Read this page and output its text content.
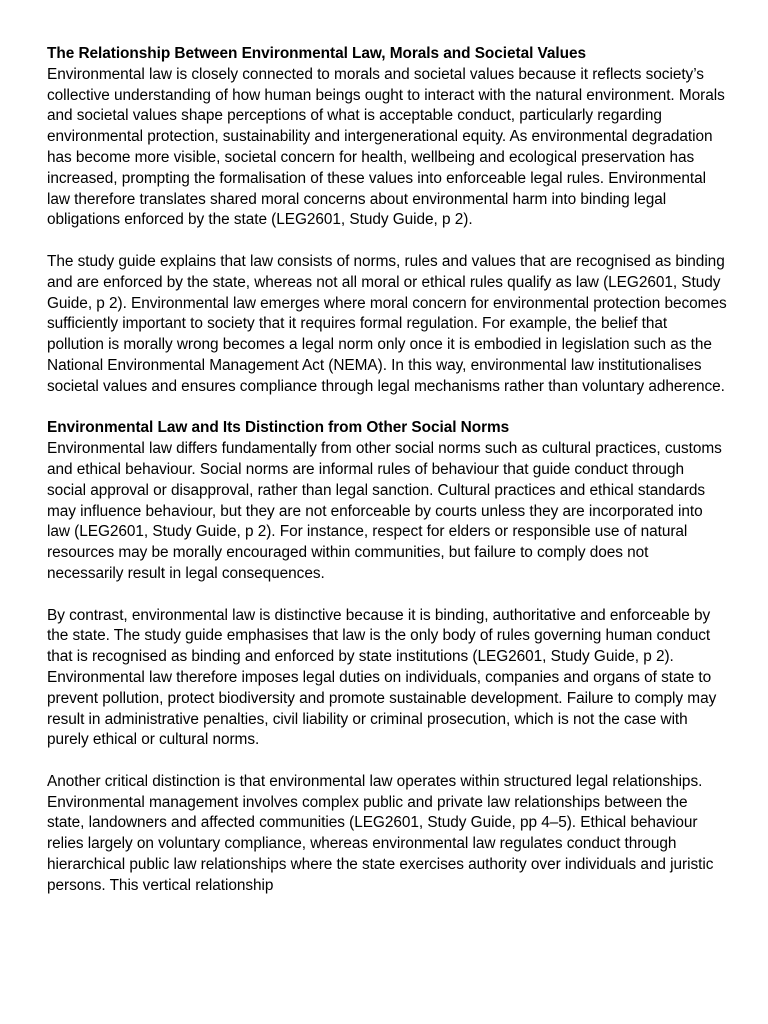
The Relationship Between Environmental Law, Morals and Societal Values

Environmental law is closely connected to morals and societal values because it reflects society’s collective understanding of how human beings ought to interact with the natural environment. Morals and societal values shape perceptions of what is acceptable conduct, particularly regarding environmental protection, sustainability and intergenerational equity. As environmental degradation has become more visible, societal concern for health, wellbeing and ecological preservation has increased, prompting the formalisation of these values into enforceable legal rules. Environmental law therefore translates shared moral concerns about environmental harm into binding legal obligations enforced by the state (LEG2601, Study Guide, p 2).

The study guide explains that law consists of norms, rules and values that are recognised as binding and are enforced by the state, whereas not all moral or ethical rules qualify as law (LEG2601, Study Guide, p 2). Environmental law emerges where moral concern for environmental protection becomes sufficiently important to society that it requires formal regulation. For example, the belief that pollution is morally wrong becomes a legal norm only once it is embodied in legislation such as the National Environmental Management Act (NEMA). In this way, environmental law institutionalises societal values and ensures compliance through legal mechanisms rather than voluntary adherence.

Environmental Law and Its Distinction from Other Social Norms

Environmental law differs fundamentally from other social norms such as cultural practices, customs and ethical behaviour. Social norms are informal rules of behaviour that guide conduct through social approval or disapproval, rather than legal sanction. Cultural practices and ethical standards may influence behaviour, but they are not enforceable by courts unless they are incorporated into law (LEG2601, Study Guide, p 2). For instance, respect for elders or responsible use of natural resources may be morally encouraged within communities, but failure to comply does not necessarily result in legal consequences.

By contrast, environmental law is distinctive because it is binding, authoritative and enforceable by the state. The study guide emphasises that law is the only body of rules governing human conduct that is recognised as binding and enforced by state institutions (LEG2601, Study Guide, p 2). Environmental law therefore imposes legal duties on individuals, companies and organs of state to prevent pollution, protect biodiversity and promote sustainable development. Failure to comply may result in administrative penalties, civil liability or criminal prosecution, which is not the case with purely ethical or cultural norms.

Another critical distinction is that environmental law operates within structured legal relationships. Environmental management involves complex public and private law relationships between the state, landowners and affected communities (LEG2601, Study Guide, pp 4–5). Ethical behaviour relies largely on voluntary compliance, whereas environmental law regulates conduct through hierarchical public law relationships where the state exercises authority over individuals and juristic persons. This vertical relationship
